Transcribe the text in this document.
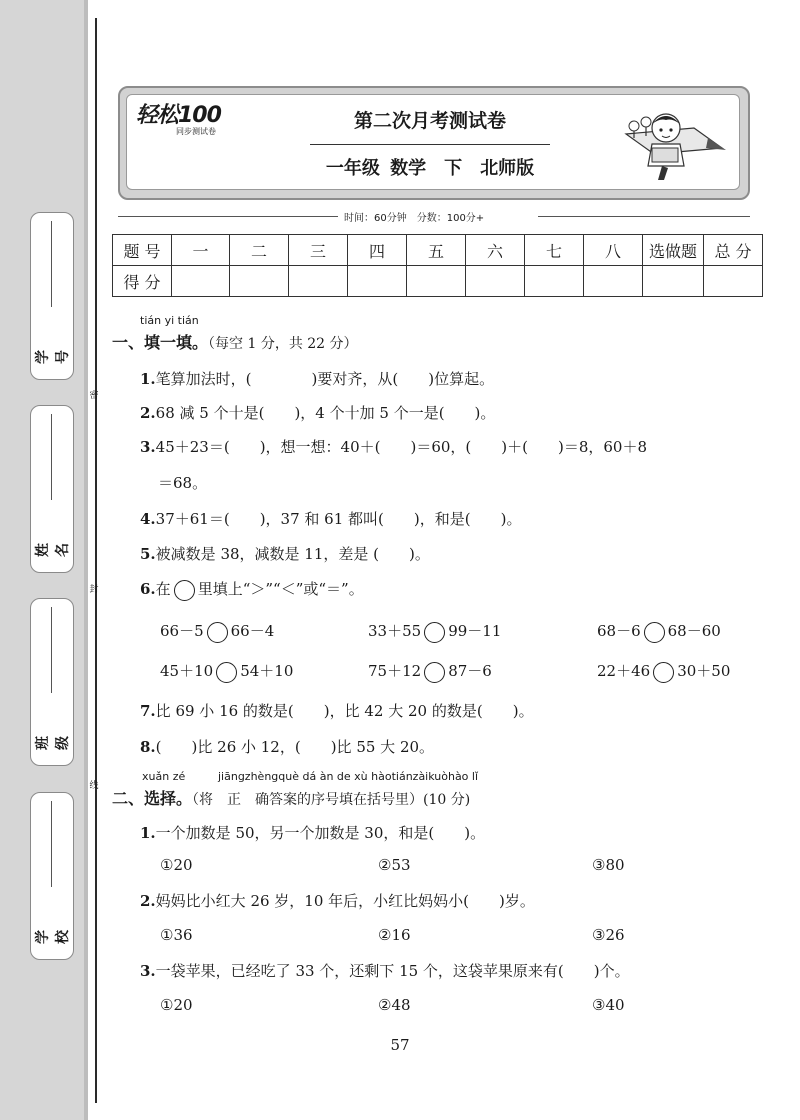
学　号
姓　名
班　级
学　校
密
封
线
轻松100
同步测试卷	第二次月考测试卷
一年级 数学　下　北师版
时间：60分钟　分数：100分+
题 号	一	二	三	四	五	六	七	八	选做题	总 分
得 分										
tián yi tián
一、填一填。（每空 1 分，共 22 分）
1.笔算加法时，(　　　　)要对齐，从(　　)位算起。
2.68 减 5 个十是(　　)，4 个十加 5 个一是(　　)。
3.45＋23＝(　　)，想一想：40＋(　　)＝60，(　　)＋(　　)＝8，60＋8
＝68。
4.37＋61＝(　　)，37 和 61 都叫(　　)，和是(　　)。
5.被减数是 38，减数是 11，差是 (　　)。
6.在 里填上“＞”“＜”或“＝”。
66－5 66－4	33＋55 99－11	68－6 68－60
45＋10 54＋10	75＋12 87－6	22＋46 30＋50
7.比 69 小 16 的数是(　　)，比 42 大 20 的数是(　　)。
8.(　　)比 26 小 12，(　　)比 55 大 20。
xuǎn zé	jiāngzhèngquè dá àn de xù hàotiánzàikuòhào lǐ
二、选择。（将　正　确答案的序号填在括号里）(10 分)
1.一个加数是 50，另一个加数是 30，和是(　　)。
①20	②53	③80
2.妈妈比小红大 26 岁，10 年后，小红比妈妈小(　　)岁。
①36	②16	③26
3.一袋苹果，已经吃了 33 个，还剩下 15 个，这袋苹果原来有(　　)个。
①20	②48	③40
57
